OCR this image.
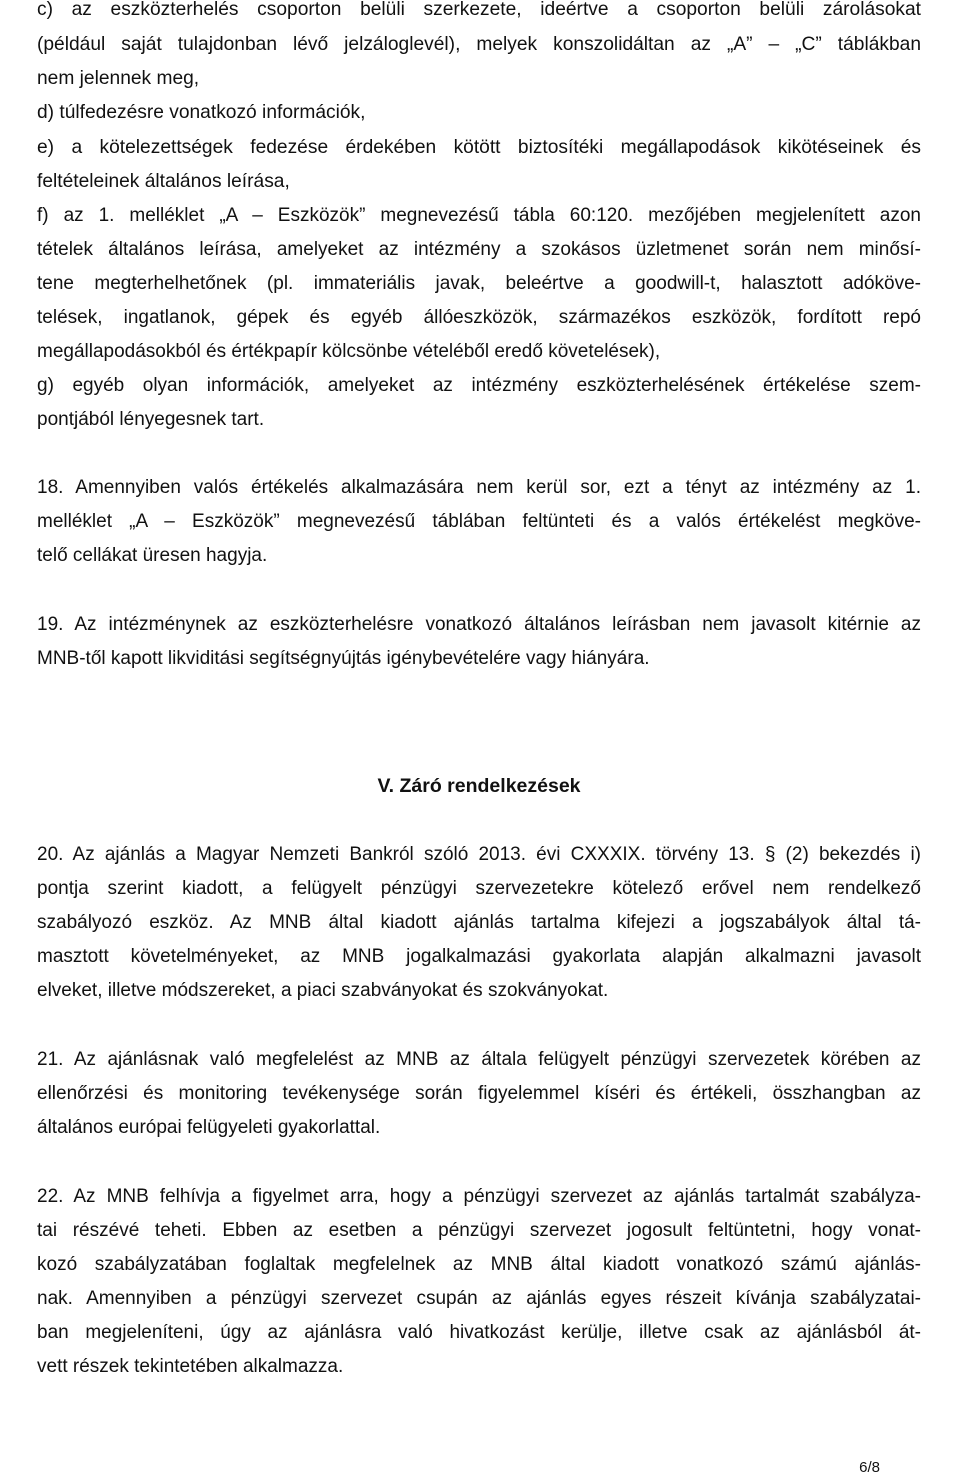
c) az eszközterhelés csoporton belüli szerkezete, ideértve a csoporton belüli zárolásokat
(például saját tulajdonban lévő jelzáloglevél), melyek konszolidáltan az „A” – „C” táblákban
nem jelennek meg,
d) túlfedezésre vonatkozó információk,
e) a kötelezettségek fedezése érdekében kötött biztosítéki megállapodások kikötéseinek és
feltételeinek általános leírása,
f) az 1. melléklet „A – Eszközök” megnevezésű tábla 60:120. mezőjében megjelenített azon
tételek általános leírása, amelyeket az intézmény a szokásos üzletmenet során nem minősí-
tene megterhelhetőnek (pl. immateriális javak, beleértve a goodwill-t, halasztott adóköve-
telések, ingatlanok, gépek és egyéb állóeszközök, származékos eszközök, fordított repó
megállapodásokból és értékpapír kölcsönbe vételéből eredő követelések),
g) egyéb olyan információk, amelyeket az intézmény eszközterhelésének értékelése szem-
pontjából lényegesnek tart.
18. Amennyiben valós értékelés alkalmazására nem kerül sor, ezt a tényt az intézmény az 1.
melléklet „A – Eszközök” megnevezésű táblában feltünteti és a valós értékelést megköve-
telő cellákat üresen hagyja.
19. Az intézménynek az eszközterhelésre vonatkozó általános leírásban nem javasolt kitérnie az
MNB-től kapott likviditási segítségnyújtás igénybevételére vagy hiányára.
V. Záró rendelkezések
20. Az ajánlás a Magyar Nemzeti Bankról szóló 2013. évi CXXXIX. törvény 13. § (2) bekezdés i)
pontja szerint kiadott, a felügyelt pénzügyi szervezetekre kötelező erővel nem rendelkező
szabályozó eszköz. Az MNB által kiadott ajánlás tartalma kifejezi a jogszabályok által tá-
masztott követelményeket, az MNB jogalkalmazási gyakorlata alapján alkalmazni javasolt
elveket, illetve módszereket, a piaci szabványokat és szokványokat.
21. Az ajánlásnak való megfelelést az MNB az általa felügyelt pénzügyi szervezetek körében az
ellenőrzési és monitoring tevékenysége során figyelemmel kíséri és értékeli, összhangban az
általános európai felügyeleti gyakorlattal.
22. Az MNB felhívja a figyelmet arra, hogy a pénzügyi szervezet az ajánlás tartalmát szabályza-
tai részévé teheti. Ebben az esetben a pénzügyi szervezet jogosult feltüntetni, hogy vonat-
kozó szabályzatában foglaltak megfelelnek az MNB által kiadott vonatkozó számú ajánlás-
nak. Amennyiben a pénzügyi szervezet csupán az ajánlás egyes részeit kívánja szabályzatai-
ban megjeleníteni, úgy az ajánlásra való hivatkozást kerülje, illetve csak az ajánlásból át-
vett részek tekintetében alkalmazza.
6/8
